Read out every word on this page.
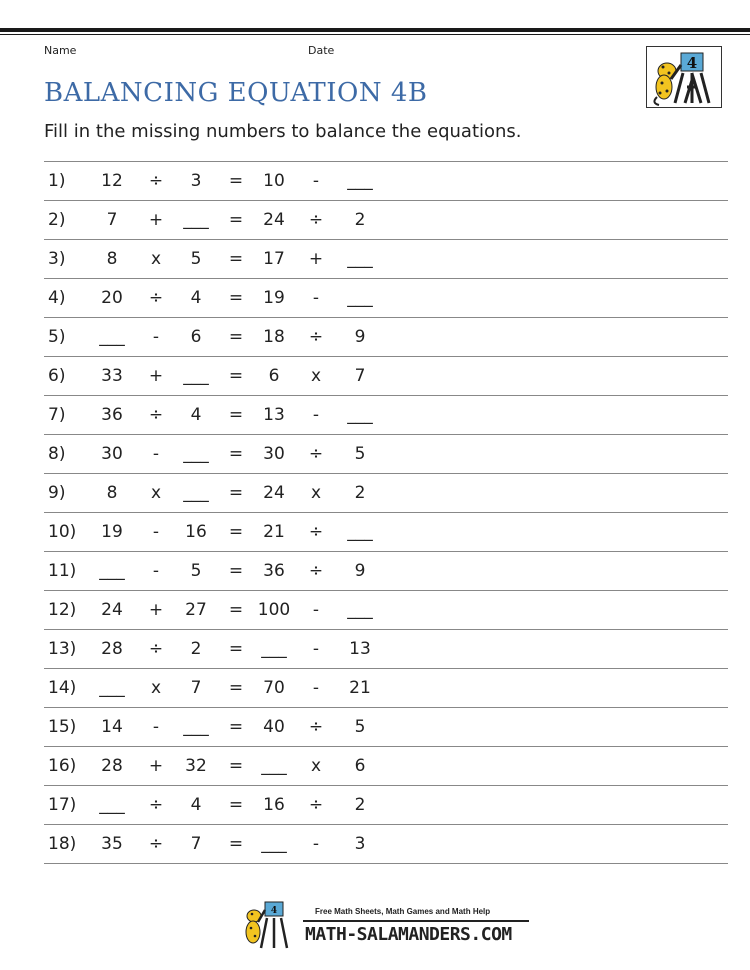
Name	Date
BALANCING EQUATION 4B

Fill in the missing numbers to balance the equations.

4
1)	12	÷	3	=	10	-	___
2)	7	+	___	=	24	÷	2
3)	8	x	5	=	17	+	___
4)	20	÷	4	=	19	-	___
5)	___	-	6	=	18	÷	9
6)	33	+	___	=	6	x	7
7)	36	÷	4	=	13	-	___
8)	30	-	___	=	30	÷	5
9)	8	x	___	=	24	x	2
10)	19	-	16	=	21	÷	___
11)	___	-	5	=	36	÷	9
12)	24	+	27	= 100	-	___
13)	28	÷	2	=	___	-	13
14)	___	x	7	=	70	-	21
15)	14	-	___	=	40	÷	5
16)	28	+	32	=	___	x	6
17)	___	÷	4	=	16	÷	2
18)	35	÷	7	=	___	-	3
4	Free Math Sheets, Math Games and Math Help
MATH-SALAMANDERS.COM
